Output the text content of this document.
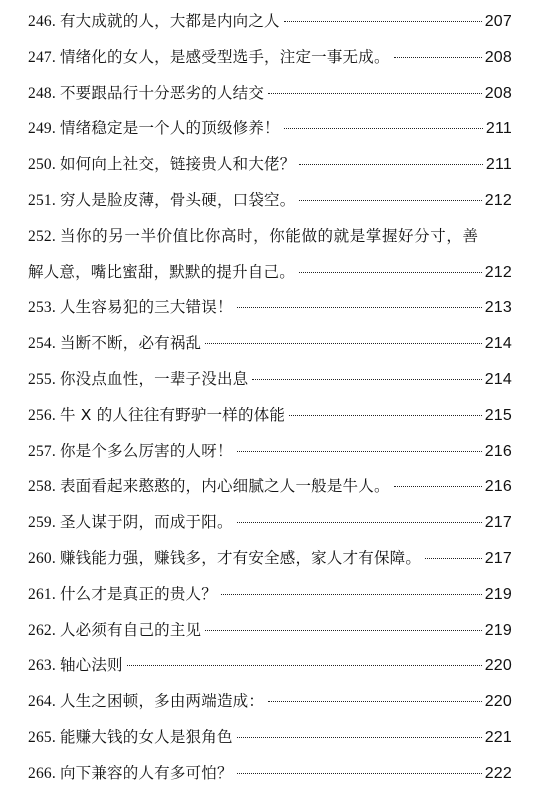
246. 有大成就的人，大都是内向之人	207
247. 情绪化的女人，是感受型选手，注定一事无成。	208
248. 不要跟品行十分恶劣的人结交	208
249. 情绪稳定是一个人的顶级修养！	211
250. 如何向上社交，链接贵人和大佬？	211
251. 穷人是脸皮薄，骨头硬，口袋空。	212
252. 当你的另一半价值比你高时，你能做的就是掌握好分寸，善
解人意，嘴比蜜甜，默默的提升自己。	212
253. 人生容易犯的三大错误！	213
254. 当断不断，必有祸乱	214
255. 你没点血性，一辈子没出息	214
256. 牛 X 的人往往有野驴一样的体能	215
257. 你是个多么厉害的人呀！	216
258. 表面看起来憨憨的，内心细腻之人一般是牛人。	216
259. 圣人谋于阴，而成于阳。	217
260. 赚钱能力强，赚钱多，才有安全感，家人才有保障。	217
261. 什么才是真正的贵人？	219
262. 人必须有自己的主见	219
263. 轴心法则	220
264. 人生之困顿，多由两端造成：	220
265. 能赚大钱的女人是狠角色	221
266. 向下兼容的人有多可怕？	222
